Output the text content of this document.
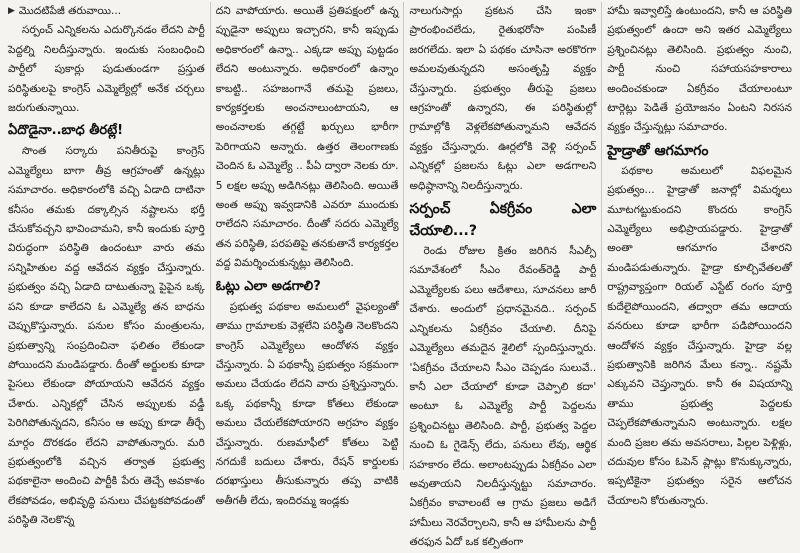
▶ మొదటిపేజీ తరువాయి...

సర్పంచ్ ఎన్నికలను ఎదుర్కొనడం లేదని పార్టీ పెద్దల్ని నిలదీస్తున్నారు. ఇందుకు సంబంధించి పార్టీలో పుకార్లు పుడుతుండగా ప్రస్తుత పరిస్థితులపై కాంగ్రెస్ ఎమ్మెల్యేల్లో అనేక చర్చలు జరుగుతున్నాయి.

ఏదొడైనా..బాధ తీరట్లే!

సొంత సర్కారు పనితీరుపై కాంగ్రెస్ ఎమ్మెల్యేలు బాగా తీవ్ర ఆగ్రహంతో ఉన్నట్లు సమాచారం. అధికారంలోకి వచ్చి ఏడాది దాటినా కనీసం తమకు దక్కాల్సిన నష్టాలను భర్తీ చేసుకోవచ్చని భావించామని, కానీ ఇందుకు పూర్తి విరుద్ధంగా పరిస్థితి ఉందంటూ వారు తమ సన్నిహితుల వద్ద ఆవేదన వ్యక్తం చేస్తున్నారు. ప్రభుత్వం వచ్చి ఏడాది దాటుతున్నా పైపైన ఒక్క పని కూడా కాలేదని ఓ ఎమ్మెల్యే తన బాధను చెప్పుకొస్తున్నారు. పనుల కోసం మంత్రులను, ప్రభుత్వాన్ని సంప్రదించినా ఫలితం లేకుండా పోయిందని మండిపడ్డారు. దీంతో అర్జులకు కూడా పైసలు లేకుండా పోయాయని ఆవేదన వ్యక్తం చేశారు. ఎన్నికల్లో చేసిన అప్పులకు వడ్డీ పెరిగిపోతున్నదని, కనీసం ఆ అప్పు కూడా తీర్చే మార్గం దొరకడం లేదని వాపోతున్నారు. మరి ప్రభుత్వంలోకి వచ్చిన తర్వాత ప్రభుత్వ పథకాలైనా అందించి పార్టీకి పేరు తెచ్చే అవకాశం లేకపోవడం, అభివృద్ధి పనులు చేపట్టకపోవడంతో పరిస్థితి నెలకొన్న

దని వాపోయారు. అయితే ప్రతిపక్షంలో ఉన్న ప్పుడైనా అప్పులు ఇచ్చారని, కానీ ఇప్పుడు అధికారంలో ఉన్నా.. ఎక్కడా అప్పు పుట్టడం లేదని అంటున్నారు. అధికారంలో ఉన్నాం కాబట్టి.. సహజంగానే తమపై ప్రజలు, కార్యకర్తలకు అంచనాలుంటాయని, ఆ అంచనాలకు తగ్గట్టే ఖర్చులు భారీగా పెరిగాయని అన్నారు. ఉత్తర తెలంగాణకు చెందిన ఓ ఎమ్మెల్యే .. పీఏ ద్వారా నెలకు రూ. 5 లక్షల అప్పు అడిగినట్లు తెలిసింది. అయితే అంత అప్పు ఇవ్వడానికి ఎవరూ ముందుకు రాలేదని సమాచారం. దీంతో సదరు ఎమ్మెల్యే తన పరిస్థితి, పరపతిపై తనకుతానే కార్యకర్తల వద్ద విమర్శించుకున్నట్లు తెలిసింది.

ఓట్లు ఎలా అడగాలి?

ప్రభుత్వ పథకాల అమలులో వైఫల్యంతో తాము గ్రామాలకు వెళ్లలేని పరిస్థితి నెలకొందని కాంగ్రెస్ ఎమ్మెల్యేలు ఆందోళన వ్యక్తం చేస్తున్నారు. ఏ పథకాన్నీ ప్రభుత్వం సక్రమంగా అమలు చేయడం లేదని వారు ప్రశ్నిస్తున్నారు. ఒక్క పథకాన్నీ కూడా కోతలు లేకుండా అమలు చేయలేకపోయారని అగ్రహం వ్యక్తం చేస్తున్నారు. రుణమాఫీలో కోతలు పెట్టి నగదుకే బదులు చేశారు, రేషన్ కార్డులకు దరఖాస్తులు తీసుకున్నారు తప్ప వాటికి అతీగతీ లేదు, ఇందిరమ్మ ఇండ్లకు

నాలుగుసార్లు ప్రకటన చేసి ఇంకా ప్రారంభించలేదు, రైతుభరోసా పంపిణీ జరగలేదు. ఇలా ఏ పథకం చూసినా అరకొరగా అమలవుతున్నదని అసంతృప్తి వ్యక్తం చేస్తున్నారు. ప్రభుత్వం తీరుపై ప్రజలు ఆగ్రహంతో ఉన్నారని, ఈ పరిస్థితుల్లో గ్రామాల్లోకి వెళ్లలేకపోతున్నామని ఆవేదన వ్యక్తం చేస్తున్నారు. ఊర్లలోకి వెళ్లి సర్పంచ్ ఎన్నికల్లో ప్రజలను ఓట్లు ఎలా అడగాలని అధిష్ఠానాన్ని నిలదీస్తున్నారు.

సర్పంచ్ ఏకగ్రీవం ఎలా చేయాలి...?

రెండు రోజుల క్రితం జరిగిన సీఎల్పీ సమావేశంలో సీఎం రేవంత్‌రెడ్డి పార్టీ ఎమ్మెల్యేలకు పలు ఆదేశాలు, సూచనలు జారీ చేశారు. అందులో ప్రధానమైనది.. సర్పంచ్ ఎన్నికలను ఏకగ్రీవం చేయాలి. దీనిపై ఎమ్మెల్యేలు తమదైన శైలిలో స్పందిస్తున్నారు. 'ఏకగ్రీవం చేయాలని సీఎం చెప్పడం సులువే.. కానీ ఎలా చేయాలో కూడా చెప్పాలి కదా' అంటూ ఓ ఎమ్మెల్యే పార్టీ పెద్దలను ప్రశ్నించినట్టు తెలిసింది. పార్టీ, ప్రభుత్వ పెద్దల నుంచి ఓ గైడెన్స్ లేదు, పనులు లేవు, ఆర్థిక సహకారం లేదు. అలాంటప్పుడు ఏకగ్రీవం ఎలా అవుతాయని నిలదీస్తున్నట్టు సమాచారం. ఏకగ్రీవం కావాలంటే ఆ గ్రామ ప్రజలు అడిగే హామీలు నెరవేర్చాలని, కానీ ఆ హామీలను పార్టీ తరఫున ఏదో ఒక కల్పితంగా

హామీ ఇవ్వాలిస్తే ఉంటుందని, కానీ ఆ పరిస్థితి ప్రభుత్వంలో ఉందా అని ఇతర ఎమ్మెల్యేలు ప్రశ్నించినట్లు తెలిసింది. ప్రభుత్వం నుంచి, పార్టీ నుంచి సహాయసహకారాలు అందించకుండా ఏకగ్రీవం చేయాలంటూ టార్గెట్లు పెడితే ప్రయోజనం ఏంటని నిరసన వ్యక్తం చేస్తున్నట్లు సమాచారం.

హైడ్రాతో ఆగమాగం

పథకాల అమలులో విఫలమైన ప్రభుత్వం... హైడ్రాతో జనాల్లో విమర్శలు మూటగట్టుకుందని కొందరు కాంగ్రెస్ ఎమ్మెల్యేలు అభిప్రాయపడ్డారు. హైడ్రాతో అంతా ఆగమాగం చేశారని మండిపడుతున్నారు. హైడ్రా కూల్చివేతలతో రాష్ట్రవ్యాప్తంగా రియల్ ఎస్టేట్ రంగం పూర్తి కుదేలైపోయిందని, తద్వారా తమ ఆదాయ వనరులు కూడా భారీగా పడిపోయిందని ఆందోళన వ్యక్తం చేస్తున్నారు. హైడ్రా వల్ల ప్రభుత్వానికి జరిగిన మేలు కన్నా.. నష్టమే ఎక్కువని చెప్తున్నారు. కానీ ఈ విషయాన్ని తాము ప్రభుత్వ పెద్దలకు చెప్పలేకపోతున్నామని అంటున్నారు. లక్షల మంది ప్రజల తమ అవసరాలు, పిల్లల పెళ్లిళ్లు, చదువుల కోసం ఓపెన్ ప్లాట్లు కొనుక్కున్నారు, ఇప్పటికైనా ప్రభుత్వం సరైన ఆలోచన చేయాలని కోరుతున్నారు.
